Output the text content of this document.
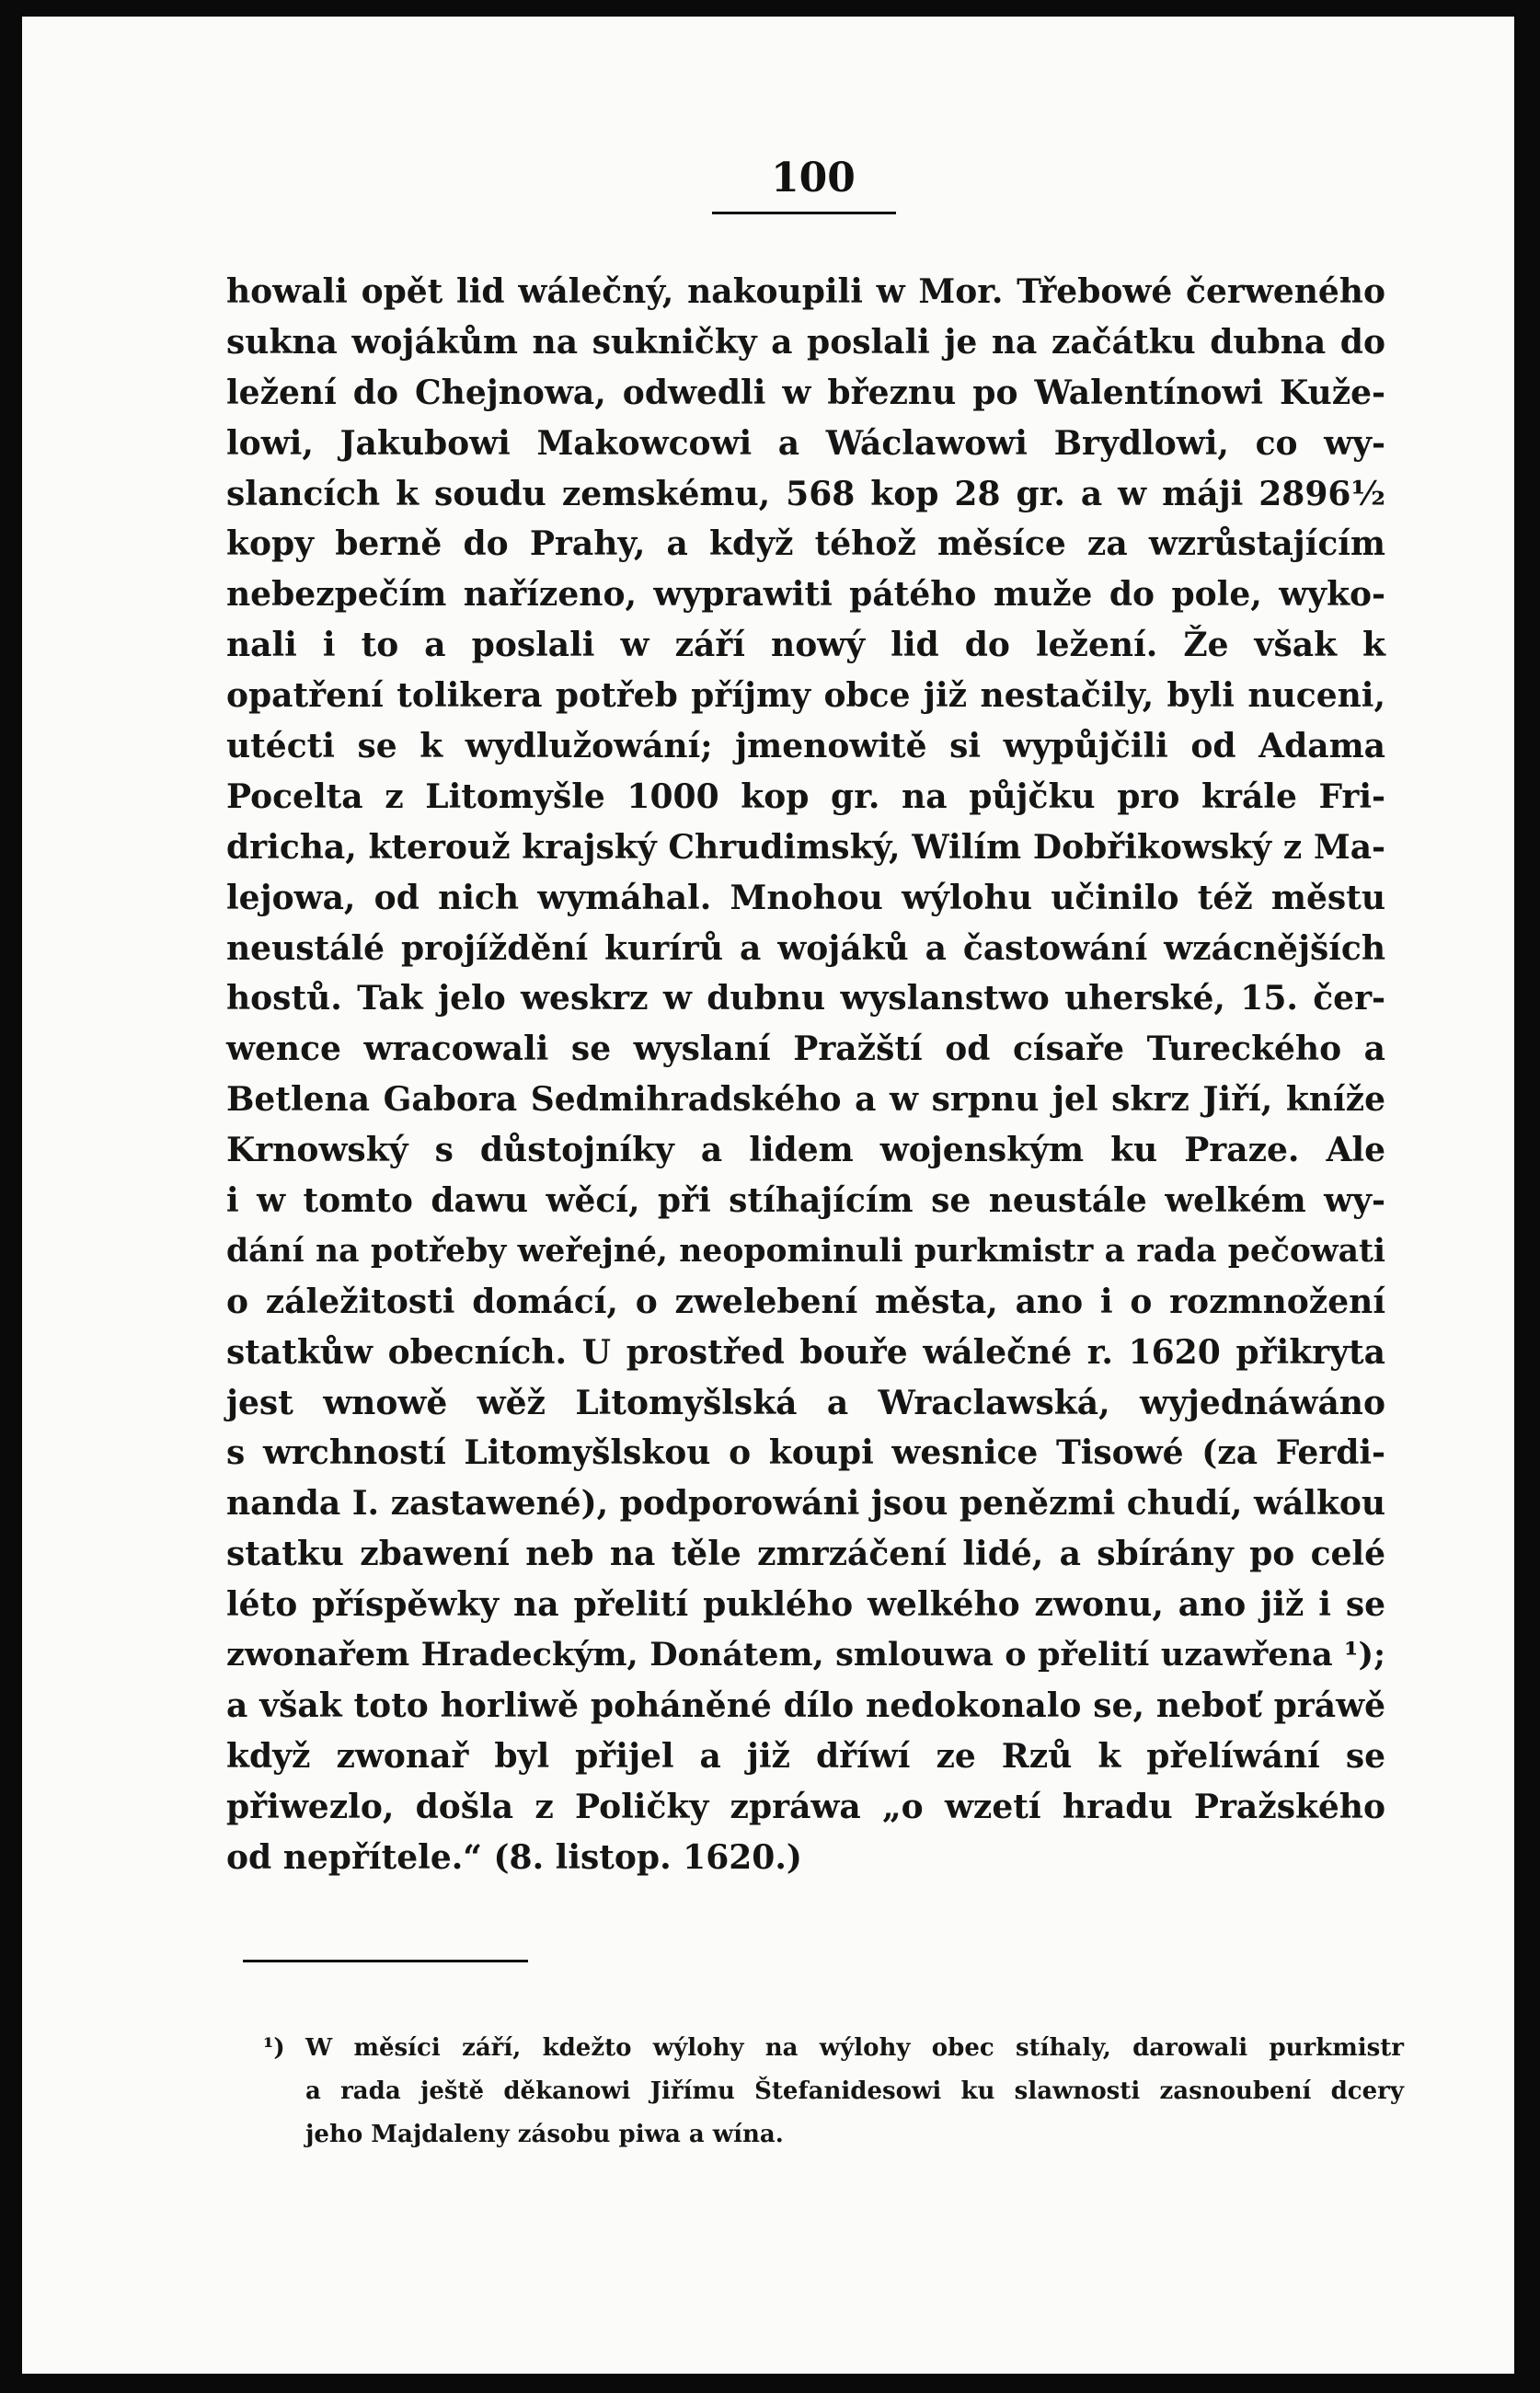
100
howali opět lid wálečný, nakoupili w Mor. Třebowé čerweného
sukna wojákům na sukničky a poslali je na začátku dubna do
ležení do Chejnowa, odwedli w březnu po Walentínowi Kuže-
lowi, Jakubowi Makowcowi a Wáclawowi Brydlowi, co wy-
slancích k soudu zemskému, 568 kop 28 gr. a w máji 2896½
kopy berně do Prahy, a když téhož měsíce za wzrůstajícím
nebezpečím nařízeno, wyprawiti pátého muže do pole, wyko-
nali i to a poslali w září nowý lid do ležení. Že však k
opatření tolikera potřeb příjmy obce již nestačily, byli nuceni,
utécti se k wydlužowání; jmenowitě si wypůjčili od Adama
Pocelta z Litomyšle 1000 kop gr. na půjčku pro krále Fri-
dricha, kterouž krajský Chrudimský, Wilím Dobřikowský z Ma-
lejowa, od nich wymáhal. Mnohou wýlohu učinilo též městu
neustálé projíždění kurírů a wojáků a častowání wzácnějších
hostů. Tak jelo weskrz w dubnu wyslanstwo uherské, 15. čer-
wence wracowali se wyslaní Pražští od císaře Tureckého a
Betlena Gabora Sedmihradského a w srpnu jel skrz Jiří, kníže
Krnowský s důstojníky a lidem wojenským ku Praze. Ale
i w tomto dawu wěcí, při stíhajícím se neustále welkém wy-
dání na potřeby weřejné, neopominuli purkmistr a rada pečowati
o záležitosti domácí, o zwelebení města, ano i o rozmnožení
statkůw obecních. U prostřed bouře wálečné r. 1620 přikryta
jest wnowě wěž Litomyšlská a Wraclawská, wyjednáwáno
s wrchností Litomyšlskou o koupi wesnice Tisowé (za Ferdi-
nanda I. zastawené), podporowáni jsou penězmi chudí, wálkou
statku zbawení neb na těle zmrzáčení lidé, a sbírány po celé
léto příspěwky na přelití puklého welkého zwonu, ano již i se
zwonařem Hradeckým, Donátem, smlouwa o přelití uzawřena ¹);
a však toto horliwě poháněné dílo nedokonalo se, neboť práwě
když zwonař byl přijel a již dříwí ze Rzů k přelíwání se
přiwezlo, došla z Poličky zpráwa „o wzetí hradu Pražského
od nepřítele.“ (8. listop. 1620.)
¹) W měsíci září, kdežto wýlohy na wýlohy obec stíhaly, darowali purkmistr
a rada ještě děkanowi Jiřímu Štefanidesowi ku slawnosti zasnoubení dcery
jeho Majdaleny zásobu piwa a wína.
